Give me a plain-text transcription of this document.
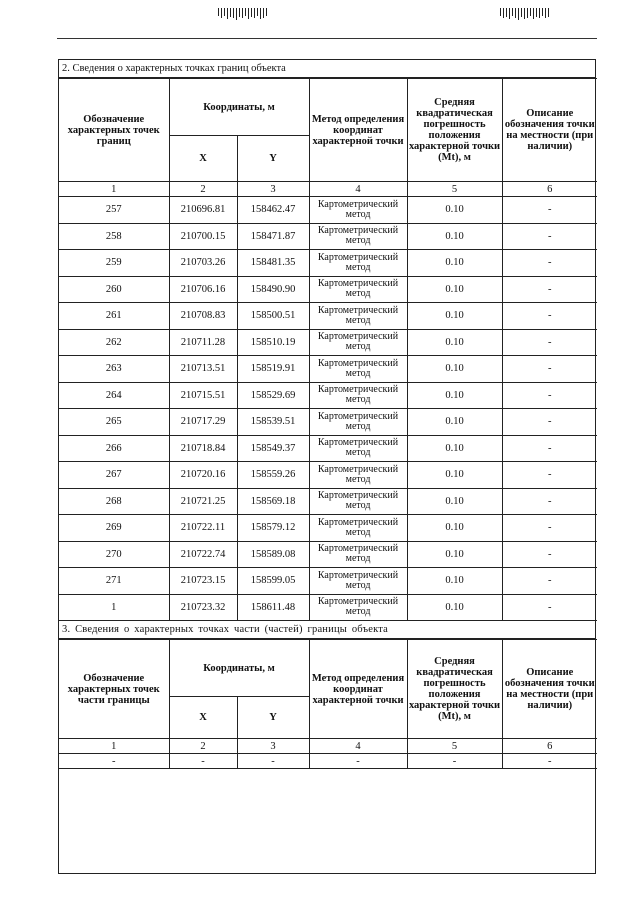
2. Сведения о характерных точках границ объекта
Обозначение характерных точек границ	Координаты, м		Метод определения координат характерной точки	Средняя квадратическая погрешность положения характерной точки (Mt), м	Описание обозначения точки на местности (при наличии)
	X	Y			
1	2	3	4	5	6
257	210696.81	158462.47	Картометрический метод	0.10	-
258	210700.15	158471.87	Картометрический метод	0.10	-
259	210703.26	158481.35	Картометрический метод	0.10	-
260	210706.16	158490.90	Картометрический метод	0.10	-
261	210708.83	158500.51	Картометрический метод	0.10	-
262	210711.28	158510.19	Картометрический метод	0.10	-
263	210713.51	158519.91	Картометрический метод	0.10	-
264	210715.51	158529.69	Картометрический метод	0.10	-
265	210717.29	158539.51	Картометрический метод	0.10	-
266	210718.84	158549.37	Картометрический метод	0.10	-
267	210720.16	158559.26	Картометрический метод	0.10	-
268	210721.25	158569.18	Картометрический метод	0.10	-
269	210722.11	158579.12	Картометрический метод	0.10	-
270	210722.74	158589.08	Картометрический метод	0.10	-
271	210723.15	158599.05	Картометрический метод	0.10	-
1	210723.32	158611.48	Картометрический метод	0.10	-
3. Сведения о характерных точках части (частей) границы объекта
Обозначение характерных точек части границы	Координаты, м		Метод определения координат характерной точки	Средняя квадратическая погрешность положения характерной точки (Mt), м	Описание обозначения точки на местности (при наличии)
	X	Y			
1	2	3	4	5	6
-	-	-	-	-	-
